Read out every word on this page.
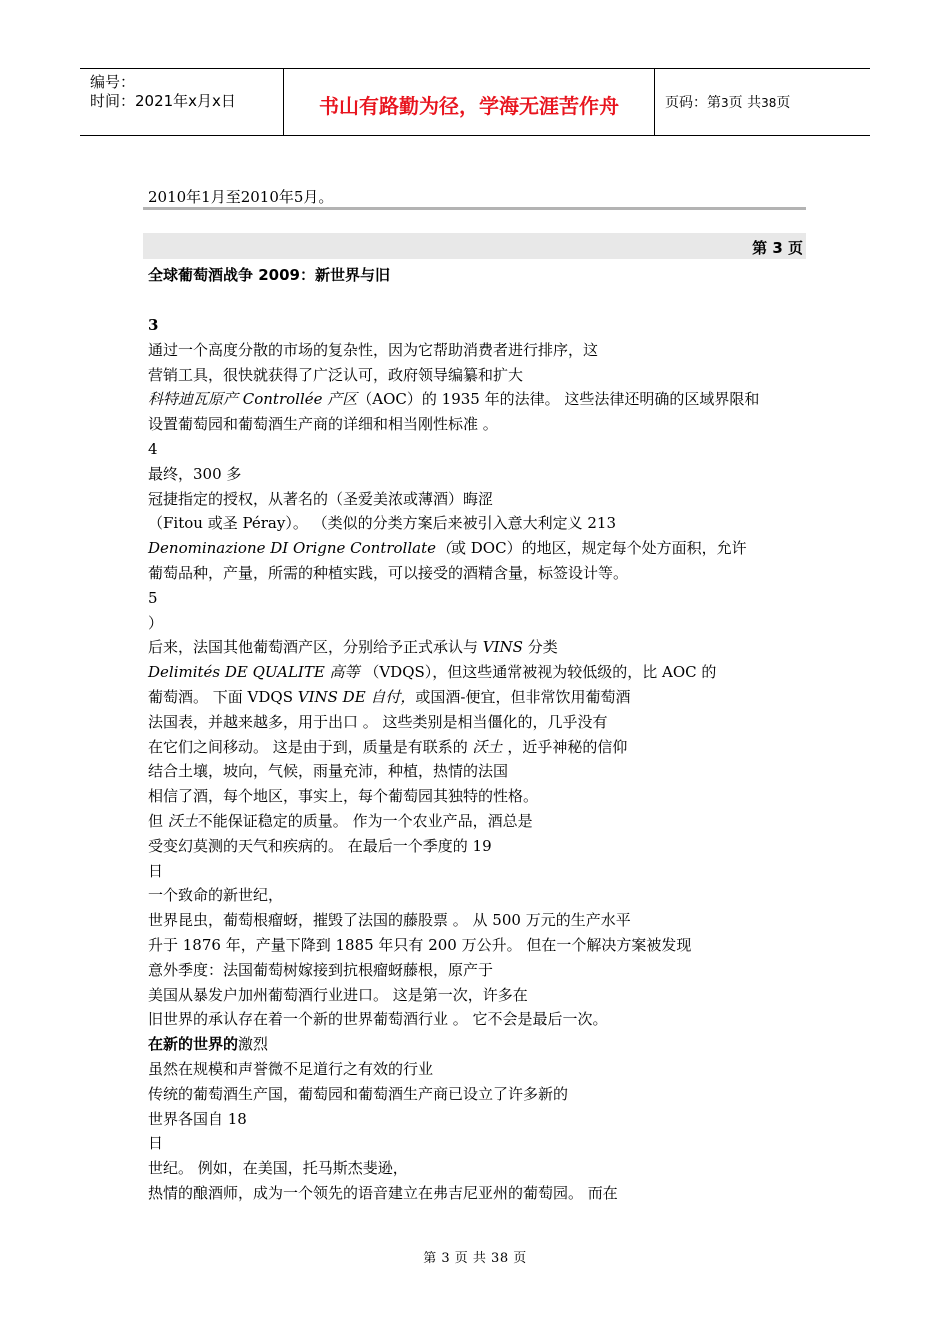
编号：
时间：2021年x月x日	书山有路勤为径，学海无涯苦作舟	页码：第3页 共38页
2010年1月至2010年5月。
第 3 页
全球葡萄酒战争 2009：新世界与旧
3
通过一个高度分散的市场的复杂性，因为它帮助消费者进行排序，这
营销工具，很快就获得了广泛认可，政府领导编纂和扩大
科特迪瓦原产 Controllée 产区（AOC）的 1935 年的法律。 这些法律还明确的区域界限和
设置葡萄园和葡萄酒生产商的详细和相当刚性标准 。
4
最终，300 多
冠捷指定的授权，从著名的（圣爱美浓或薄酒）晦涩
（Fitou 或圣 Péray）。 （类似的分类方案后来被引入意大利定义 213
Denominazione DI Origne Controllate（或 DOC）的地区，规定每个处方面积，允许
葡萄品种，产量，所需的种植实践，可以接受的酒精含量，标签设计等。
5
）
后来，法国其他葡萄酒产区，分别给予正式承认与 VINS 分类
Delimités DE QUALITE 高等 （VDQS），但这些通常被视为较低级的，比 AOC 的
葡萄酒。 下面 VDQS VINS DE 自付，或国酒-便宜，但非常饮用葡萄酒
法国表，并越来越多，用于出口 。 这些类别是相当僵化的，几乎没有
在它们之间移动。 这是由于到，质量是有联系的 沃土 ，近乎神秘的信仰
结合土壤，坡向，气候，雨量充沛，种植，热情的法国
相信了酒，每个地区，事实上，每个葡萄园其独特的性格。
但 沃土不能保证稳定的质量。 作为一个农业产品，酒总是
受变幻莫测的天气和疾病的。 在最后一个季度的 19
日
一个致命的新世纪，
世界昆虫，葡萄根瘤蚜，摧毁了法国的藤股票 。 从 500 万元的生产水平
升于 1876 年，产量下降到 1885 年只有 200 万公升。 但在一个解决方案被发现
意外季度：法国葡萄树嫁接到抗根瘤蚜藤根，原产于
美国从暴发户加州葡萄酒行业进口。 这是第一次，许多在
旧世界的承认存在着一个新的世界葡萄酒行业 。 它不会是最后一次。
在新的世界的激烈
虽然在规模和声誉微不足道行之有效的行业
传统的葡萄酒生产国，葡萄园和葡萄酒生产商已设立了许多新的
世界各国自 18
日
世纪。 例如，在美国，托马斯杰斐逊，
热情的酿酒师，成为一个领先的语音建立在弗吉尼亚州的葡萄园。 而在
第 3 页 共 38 页
